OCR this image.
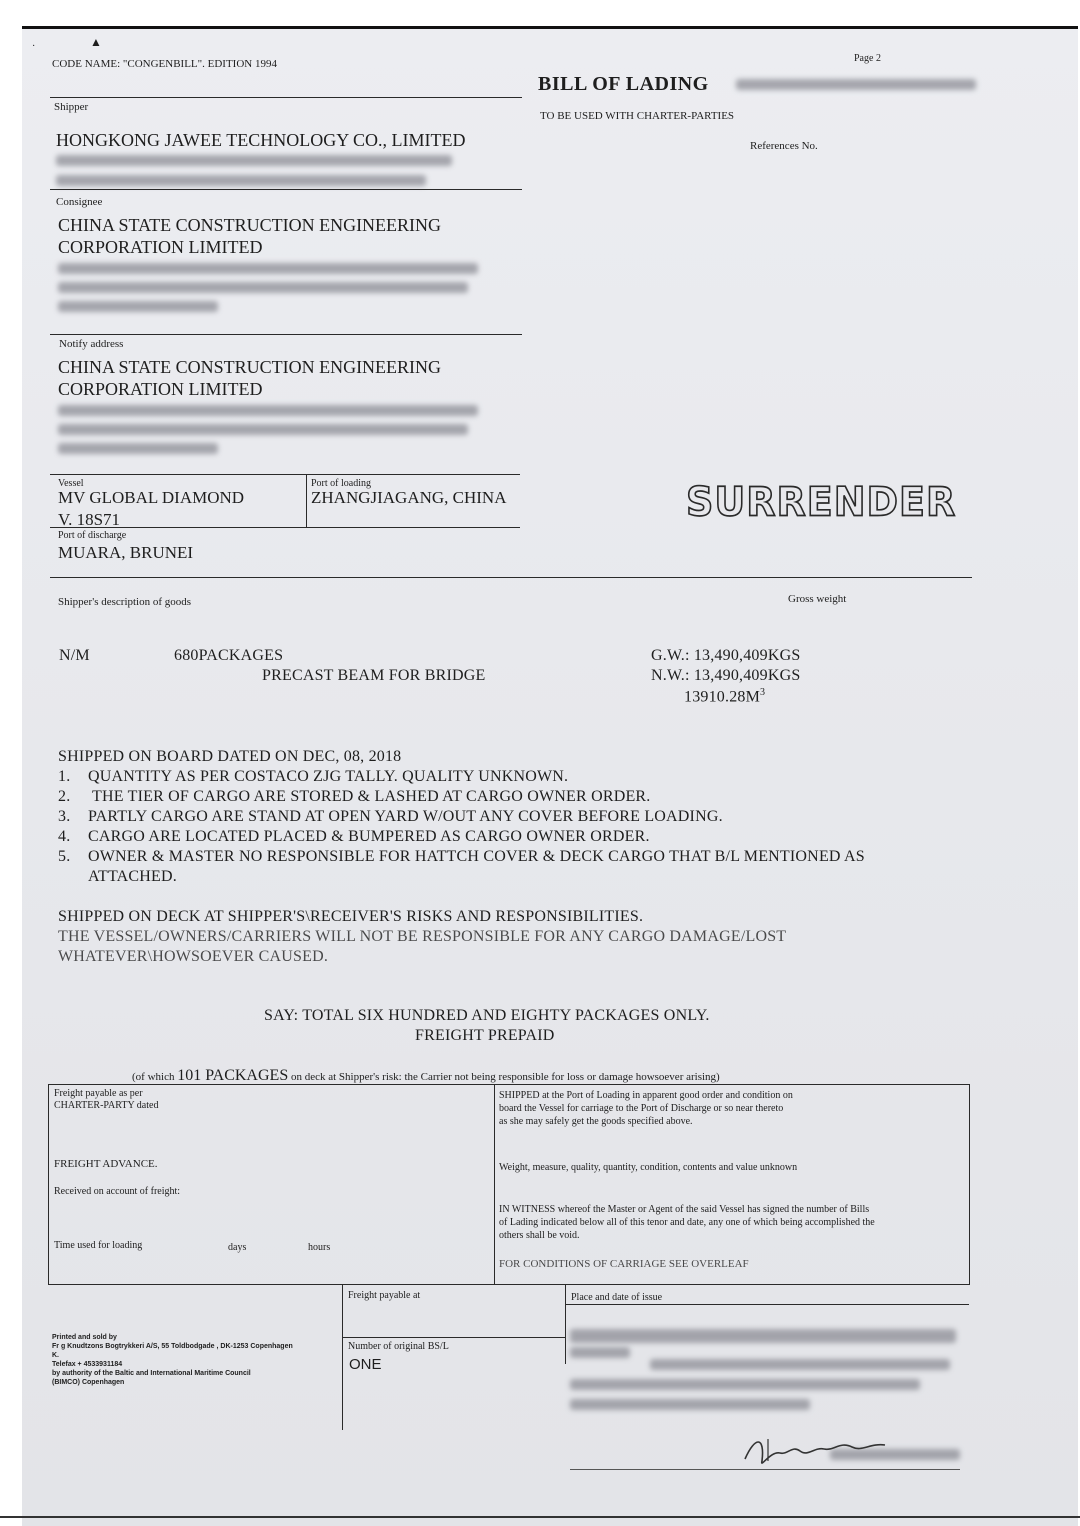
·	▲
CODE NAME: "CONGENBILL". EDITION 1994	Page 2
BILL OF LADING
TO BE USED WITH CHARTER-PARTIES
References No.
Shipper
HONGKONG JAWEE TECHNOLOGY CO., LIMITED
Consignee
CHINA STATE CONSTRUCTION ENGINEERING
CORPORATION LIMITED
Notify address
CHINA STATE CONSTRUCTION ENGINEERING
CORPORATION LIMITED
Vessel
MV GLOBAL DIAMOND
V. 18S71
Port of loading
ZHANGJIAGANG, CHINA
Port of discharge
MUARA, BRUNEI
SURRENDER
Shipper's description of goods	Gross weight
N/M	680PACKAGES
PRECAST BEAM FOR BRIDGE
G.W.: 13,490,409KGS
N.W.: 13,490,409KGS
$13910.28M^3$
SHIPPED ON BOARD DATED ON DEC, 08, 2018
1. QUANTITY AS PER COSTACO ZJG TALLY. QUALITY UNKNOWN.
2. THE TIER OF CARGO ARE STORED & LASHED AT CARGO OWNER ORDER.
3. PARTLY CARGO ARE STAND AT OPEN YARD W/OUT ANY COVER BEFORE LOADING.
4. CARGO ARE LOCATED PLACED & BUMPERED AS CARGO OWNER ORDER.
5. OWNER & MASTER NO RESPONSIBLE FOR HATTCH COVER & DECK CARGO THAT B/L MENTIONED AS
ATTACHED.
SHIPPED ON DECK AT SHIPPER'S\RECEIVER'S RISKS AND RESPONSIBILITIES.
THE VESSEL/OWNERS/CARRIERS WILL NOT BE RESPONSIBLE FOR ANY CARGO DAMAGE/LOST
WHATEVER\HOWSOEVER CAUSED.
SAY: TOTAL SIX HUNDRED AND EIGHTY PACKAGES ONLY.
FREIGHT PREPAID
(of which 101 PACKAGES on deck at Shipper's risk: the Carrier not being responsible for loss or damage howsoever arising)
Freight payable as per
CHARTER-PARTY dated
FREIGHT ADVANCE.
Received on account of freight:
Time used for loading	days	hours
SHIPPED at the Port of Loading in apparent good order and condition on
board the Vessel for carriage to the Port of Discharge or so near thereto
as she may safely get the goods specified above.
Weight, measure, quality, quantity, condition, contents and value unknown
IN WITNESS whereof the Master or Agent of the said Vessel has signed the number of Bills
of Lading indicated below all of this tenor and date, any one of which being accomplished the
others shall be void.
FOR CONDITIONS OF CARRIAGE SEE OVERLEAF
Freight payable at	Place and date of issue
Number of original BS/L
ONE
Printed and sold by
Fr g Knudtzons Bogtrykkeri A/S, 55 Toldbodgade , DK-1253 Copenhagen
K.
Telefax + 4533931184
by authority of the Baltic and International Maritime Council
(BIMCO) Copenhagen
